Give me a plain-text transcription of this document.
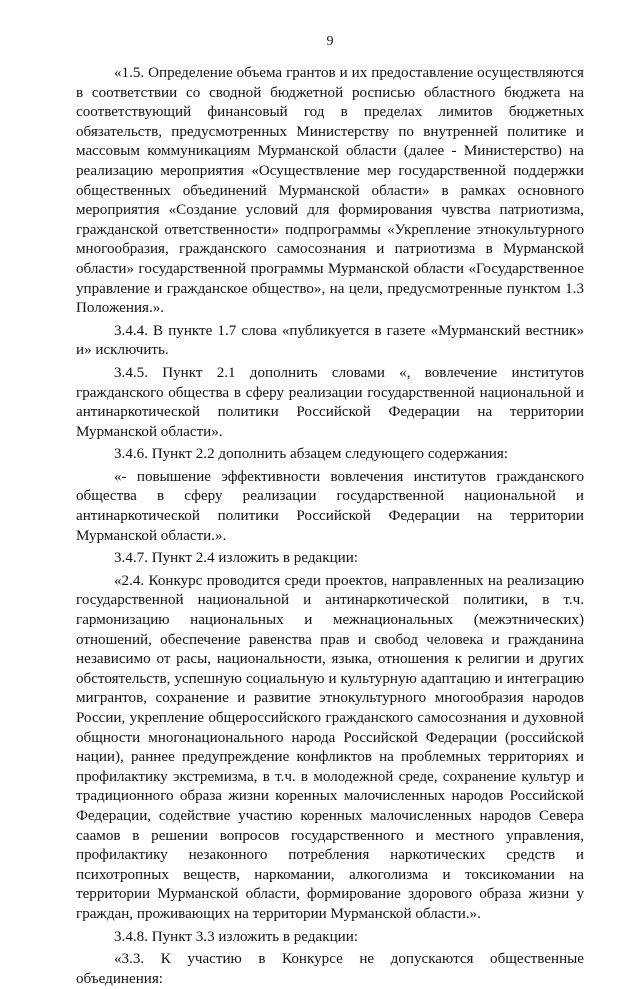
9

«1.5. Определение объема грантов и их предоставление осуществляются в соответствии со сводной бюджетной росписью областного бюджета на соответствующий финансовый год в пределах лимитов бюджетных обязательств, предусмотренных Министерству по внутренней политике и массовым коммуникациям Мурманской области (далее - Министерство) на реализацию мероприятия «Осуществление мер государственной поддержки общественных объединений Мурманской области» в рамках основного мероприятия «Создание условий для формирования чувства патриотизма, гражданской ответственности» подпрограммы «Укрепление этнокультурного многообразия, гражданского самосознания и патриотизма в Мурманской области» государственной программы Мурманской области «Государственное управление и гражданское общество», на цели, предусмотренные пунктом 1.3 Положения.».

3.4.4. В пункте 1.7 слова «публикуется в газете «Мурманский вестник» и» исключить.

3.4.5. Пункт 2.1 дополнить словами «, вовлечение институтов гражданского общества в сферу реализации государственной национальной и антинаркотической политики Российской Федерации на территории Мурманской области».

3.4.6. Пункт 2.2 дополнить абзацем следующего содержания:

«- повышение эффективности вовлечения институтов гражданского общества в сферу реализации государственной национальной и антинаркотической политики Российской Федерации на территории Мурманской области.».

3.4.7. Пункт 2.4 изложить в редакции:

«2.4. Конкурс проводится среди проектов, направленных на реализацию государственной национальной и антинаркотической политики, в т.ч. гармонизацию национальных и межнациональных (межэтнических) отношений, обеспечение равенства прав и свобод человека и гражданина независимо от расы, национальности, языка, отношения к религии и других обстоятельств, успешную социальную и культурную адаптацию и интеграцию мигрантов, сохранение и развитие этнокультурного многообразия народов России, укрепление общероссийского гражданского самосознания и духовной общности многонационального народа Российской Федерации (российской нации), раннее предупреждение конфликтов на проблемных территориях и профилактику экстремизма, в т.ч. в молодежной среде, сохранение культур и традиционного образа жизни коренных малочисленных народов Российской Федерации, содействие участию коренных малочисленных народов Севера саамов в решении вопросов государственного и местного управления, профилактику незаконного потребления наркотических средств и психотропных веществ, наркомании, алкоголизма и токсикомании на территории Мурманской области, формирование здорового образа жизни у граждан, проживающих на территории Мурманской области.».

3.4.8. Пункт 3.3 изложить в редакции:

«3.3. К участию в Конкурсе не допускаются общественные объединения:
